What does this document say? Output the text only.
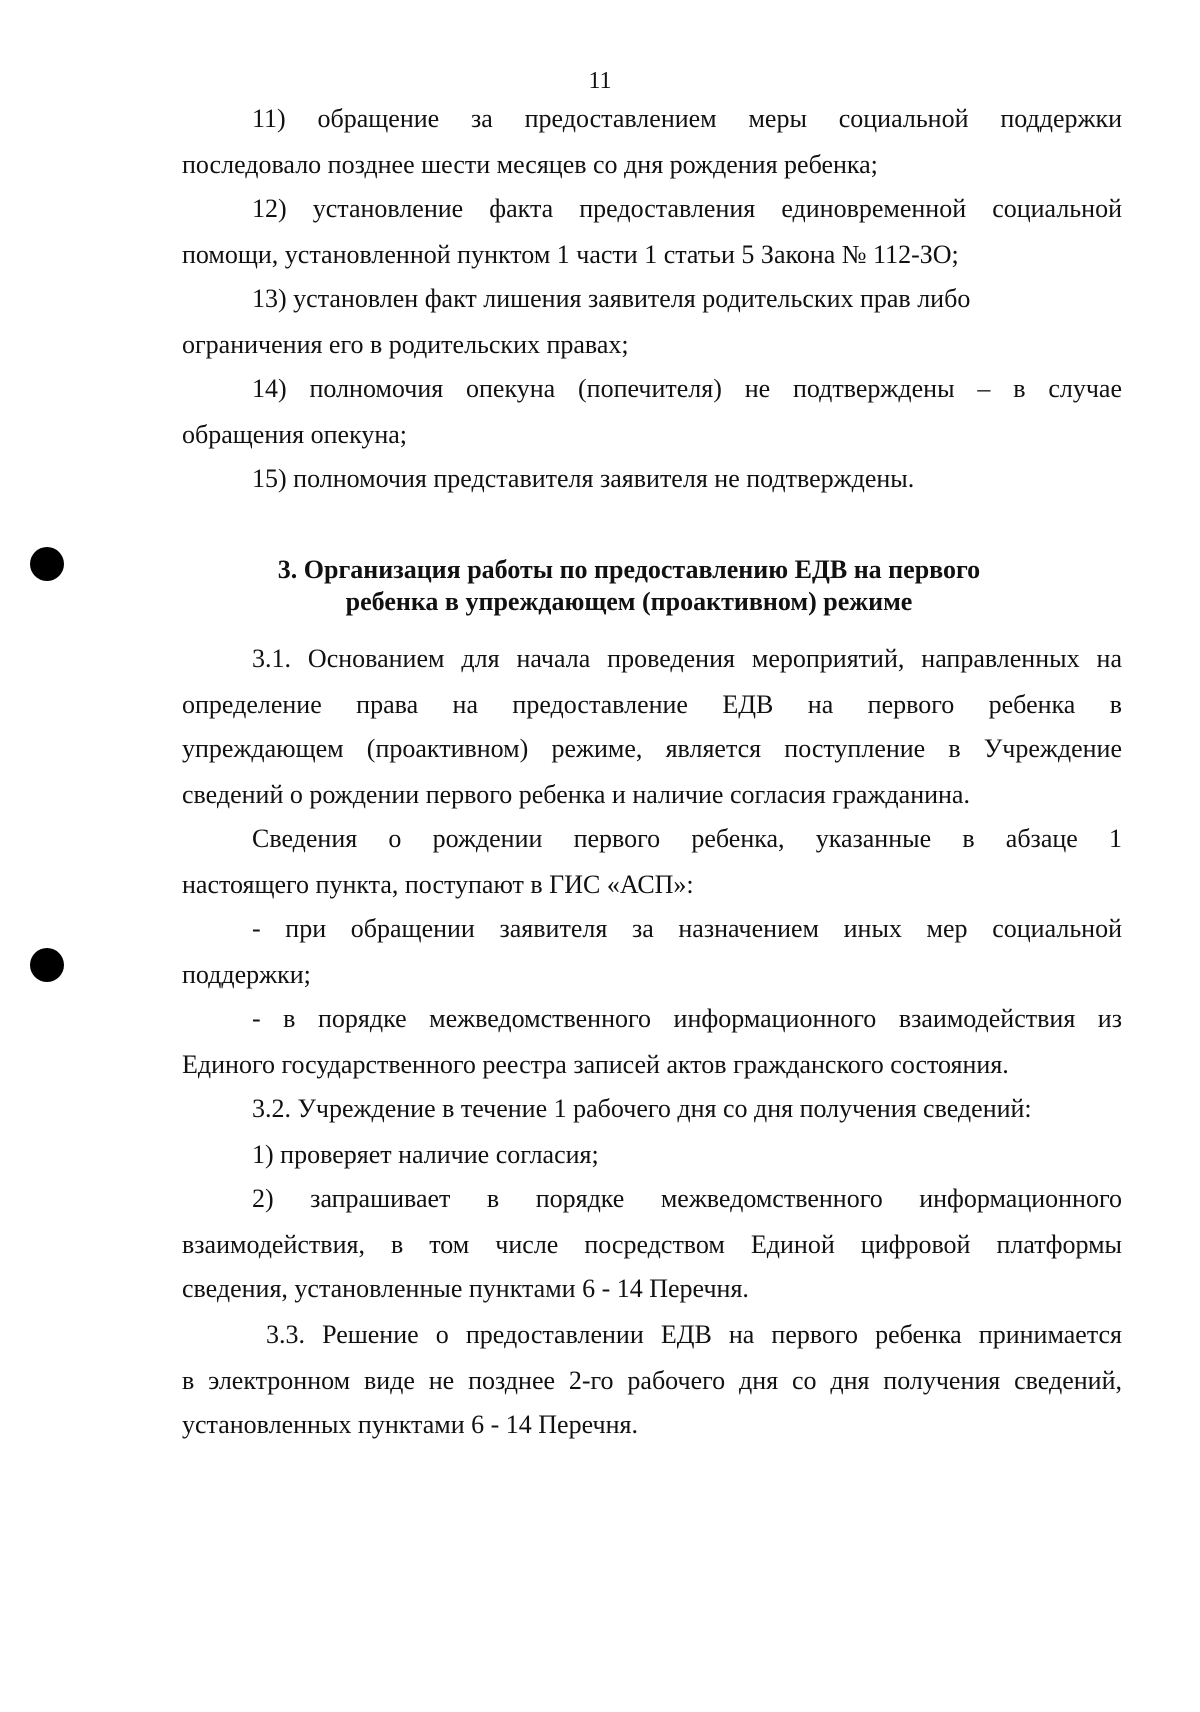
11
11) обращение за предоставлением меры социальной поддержки
последовало позднее шести месяцев со дня рождения ребенка;
12) установление факта предоставления единовременной социальной
помощи, установленной пунктом 1 части 1 статьи 5 Закона № 112-ЗО;
13) установлен факт лишения заявителя родительских прав либо
ограничения его в родительских правах;
14) полномочия опекуна (попечителя) не подтверждены – в случае
обращения опекуна;
15) полномочия представителя заявителя не подтверждены.
3. Организация работы по предоставлению ЕДВ на первого
ребенка в упреждающем (проактивном) режиме
3.1. Основанием для начала проведения мероприятий, направленных на
определение права на предоставление ЕДВ на первого ребенка в
упреждающем (проактивном) режиме, является поступление в Учреждение
сведений о рождении первого ребенка и наличие согласия гражданина.
Сведения о рождении первого ребенка, указанные в абзаце 1
настоящего пункта, поступают в ГИС «АСП»:
- при обращении заявителя за назначением иных мер социальной
поддержки;
- в порядке межведомственного информационного взаимодействия из
Единого государственного реестра записей актов гражданского состояния.
3.2. Учреждение в течение 1 рабочего дня со дня получения сведений:
1) проверяет наличие согласия;
2) запрашивает в порядке межведомственного информационного
взаимодействия, в том числе посредством Единой цифровой платформы
сведения, установленные пунктами 6 - 14 Перечня.
3.3. Решение о предоставлении ЕДВ на первого ребенка принимается
в электронном виде не позднее 2-го рабочего дня со дня получения сведений,
установленных пунктами 6 - 14 Перечня.
